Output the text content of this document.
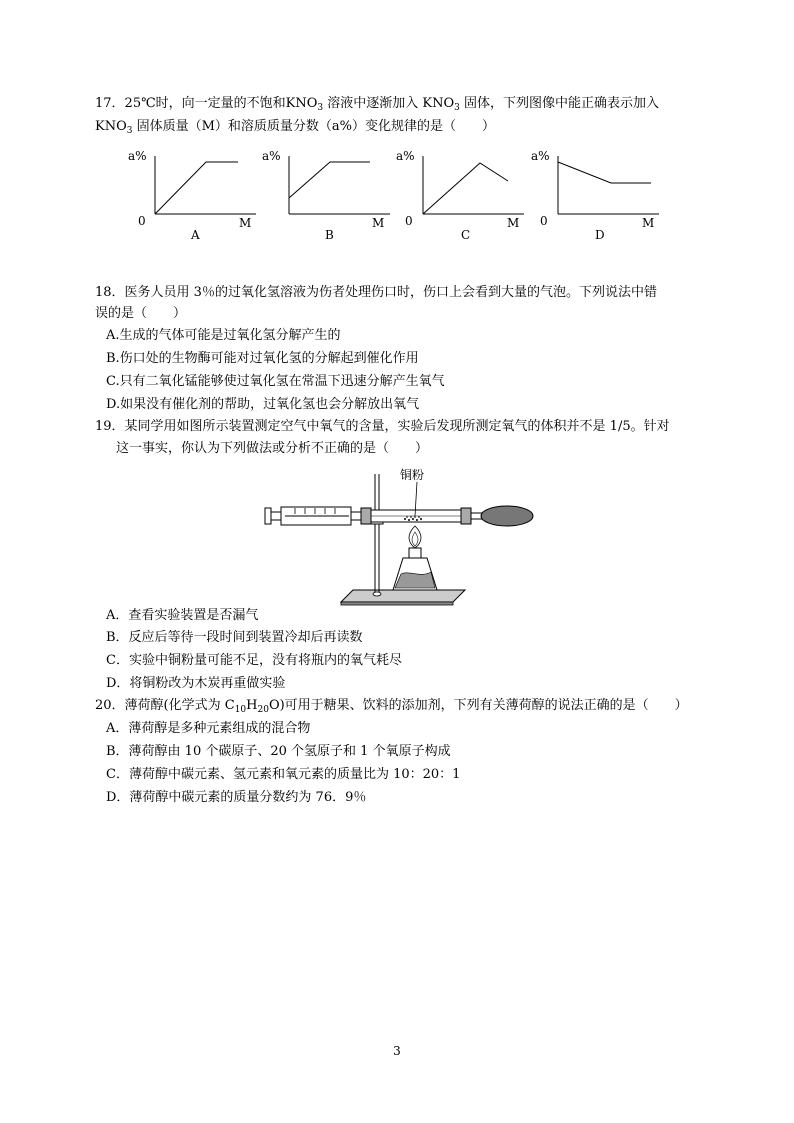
17．25℃时，向一定量的不饱和$KNO_3$ 溶液中逐渐加入 $KNO_3$ 固体，下列图像中能正确表示加入
$KNO_3$ 固体质量（M）和溶质质量分数（a%）变化规律的是（　　）
a%
0	M
A
a%
M
B
a%
0	M
C
a%
0	M
D
18．医务人员用 3％的过氧化氢溶液为伤者处理伤口时，伤口上会看到大量的气泡。下列说法中错
误的是（　　）
A.生成的气体可能是过氧化氢分解产生的
B.伤口处的生物酶可能对过氧化氢的分解起到催化作用
C.只有二氧化锰能够使过氧化氢在常温下迅速分解产生氧气
D.如果没有催化剂的帮助，过氧化氢也会分解放出氧气
19．某同学用如图所示装置测定空气中氧气的含量，实验后发现所测定氧气的体积并不是 1/5。针对
这一事实，你认为下列做法或分析不正确的是（　　）
铜粉
A．查看实验装置是否漏气
B．反应后等待一段时间到装置冷却后再读数
C．实验中铜粉量可能不足，没有将瓶内的氧气耗尽
D．将铜粉改为木炭再重做实验
20．薄荷醇(化学式为 $C_{10}H_{20}O$)可用于糖果、饮料的添加剂，下列有关薄荷醇的说法正确的是（　　）
A．薄荷醇是多种元素组成的混合物
B．薄荷醇由 10 个碳原子、20 个氢原子和 1 个氧原子构成
C．薄荷醇中碳元素、氢元素和氧元素的质量比为 10：20：1
D．薄荷醇中碳元素的质量分数约为 76．9％
3
